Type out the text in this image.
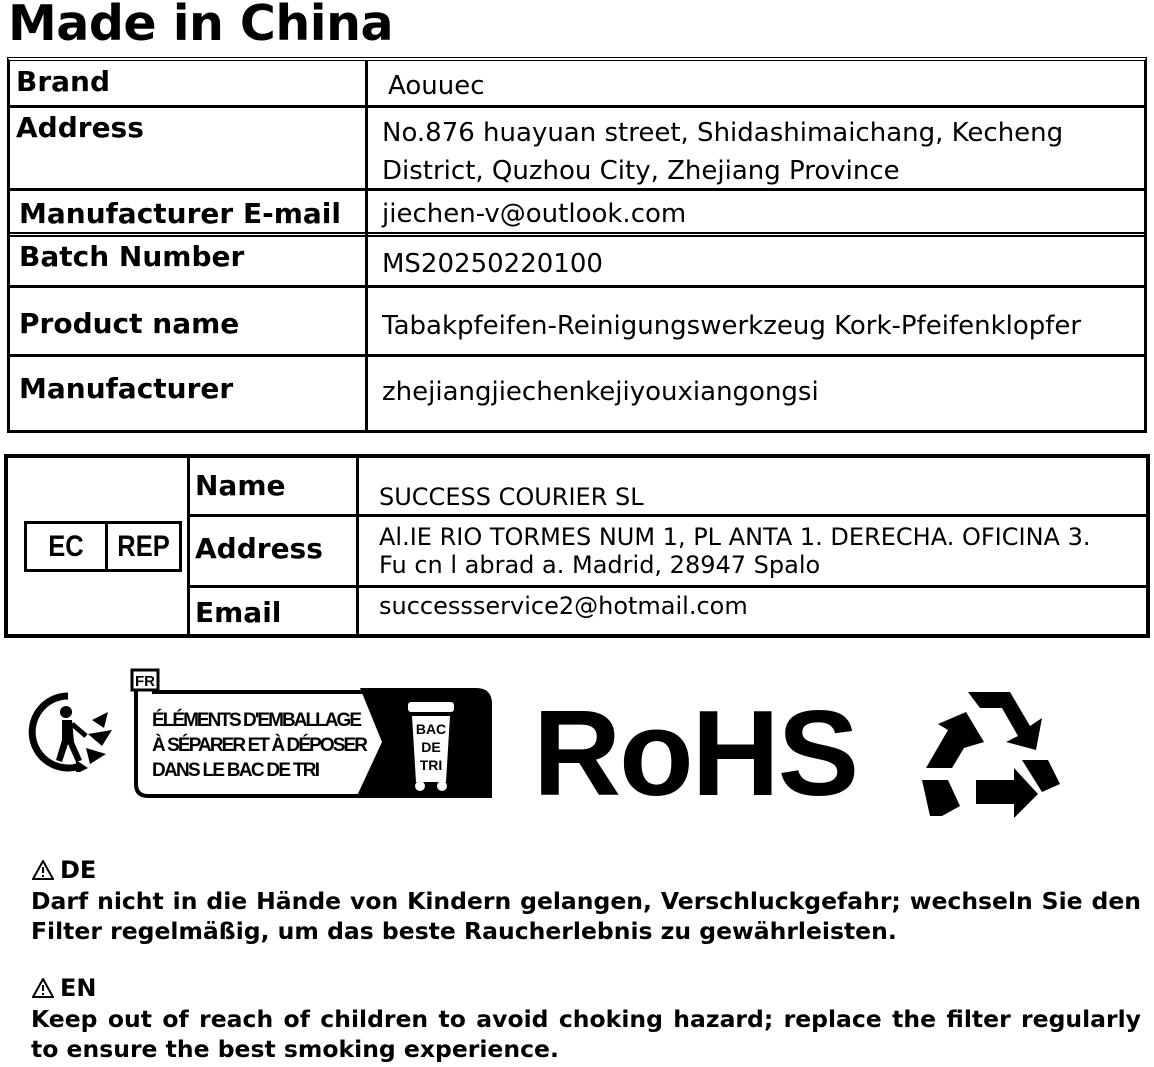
Made in China
Brand	Aouuec
Address	No.876 huayuan street, Shidashimaichang, Kecheng
District, Quzhou City, Zhejiang Province
Manufacturer E-mail jiechen-v@outlook.com
Batch Number	MS20250220100
Product name	Tabakpfeifen-Reinigungswerkzeug Kork-Pfeifenklopfer
Manufacturer	zhejiangjiechenkejiyouxiangongsi
EC	REP
Name	SUCCESS COURIER SL
Address Al.IE RIO TORMES NUM 1, PL ANTA 1. DERECHA. OFICINA 3.
Fu cn l abrad a. Madrid, 28947 Spalo
Email	successservice2@hotmail.com
FR
ÉLÉMENTS D'EMBALLAGE
À SÉPARER ET À DÉPOSER
DANS LE BAC DE TRI
BAC
DE
TRI RoHS
DE
Darf nicht in die Hände von Kindern gelangen, Verschluckgefahr; wechseln Sie den Filter regelmäßig, um das beste Raucherlebnis zu gewährleisten.
EN
Keep out of reach of children to avoid choking hazard; replace the filter regularly to ensure the best smoking experience.
